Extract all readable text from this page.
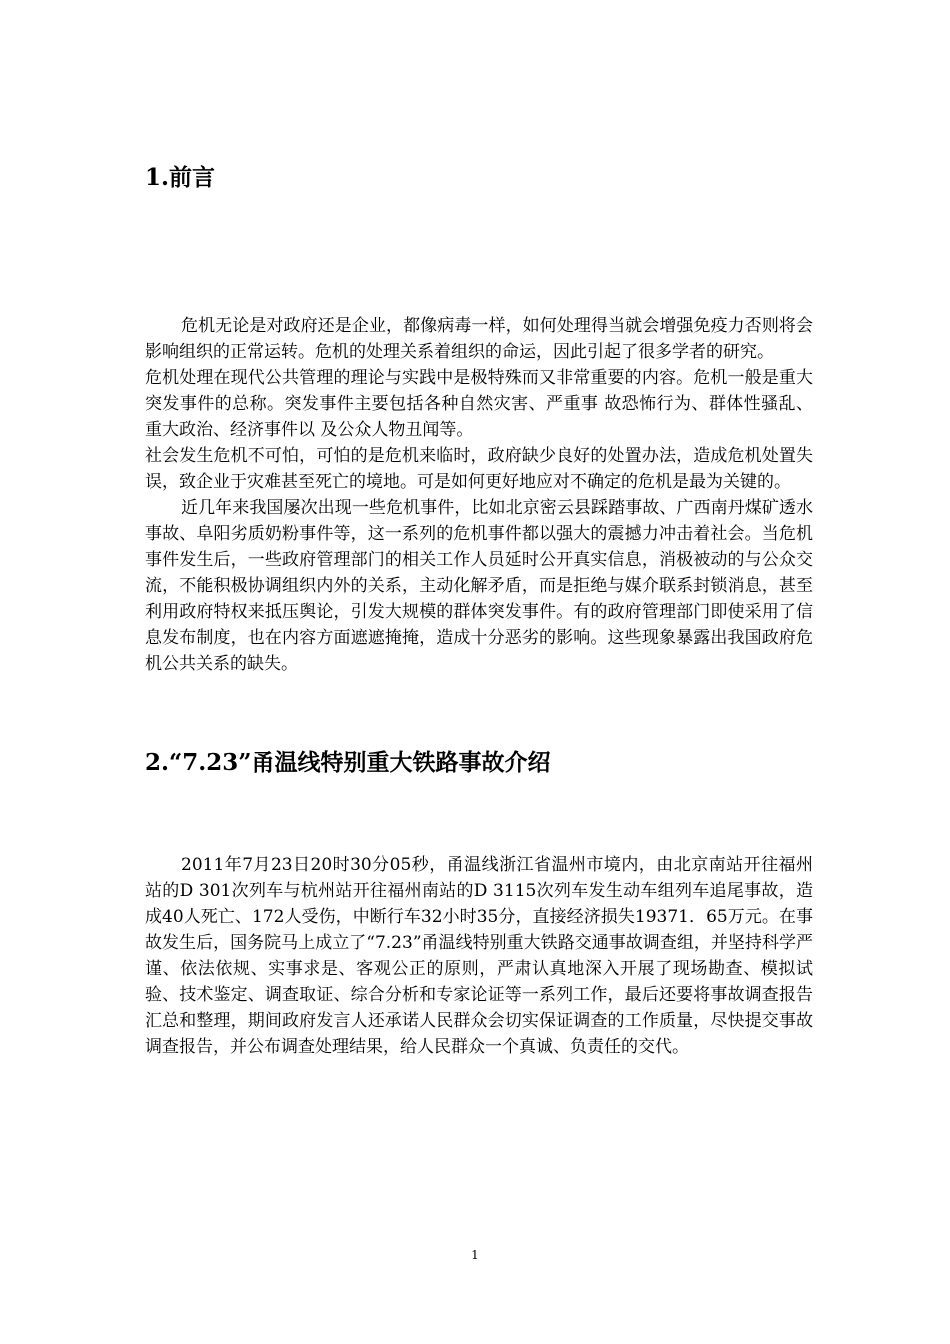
1.前言

危机无论是对政府还是企业，都像病毒一样，如何处理得当就会增强免疫力否则将会影响组织的正常运转。危机的处理关系着组织的命运，因此引起了很多学者的研究。

危机处理在现代公共管理的理论与实践中是极特殊而又非常重要的内容。危机一般是重大突发事件的总称。突发事件主要包括各种自然灾害、严重事 故恐怖行为、群体性骚乱、重大政治、经济事件以 及公众人物丑闻等。

社会发生危机不可怕，可怕的是危机来临时，政府缺少良好的处置办法，造成危机处置失误，致企业于灾难甚至死亡的境地。可是如何更好地应对不确定的危机是最为关键的。

近几年来我国屡次出现一些危机事件，比如北京密云县踩踏事故、广西南丹煤矿透水事故、阜阳劣质奶粉事件等，这一系列的危机事件都以强大的震撼力冲击着社会。当危机事件发生后，一些政府管理部门的相关工作人员延时公开真实信息，消极被动的与公众交流，不能积极协调组织内外的关系，主动化解矛盾，而是拒绝与媒介联系封锁消息，甚至利用政府特权来抵压舆论，引发大规模的群体突发事件。有的政府管理部门即使采用了信息发布制度，也在内容方面遮遮掩掩，造成十分恶劣的影响。这些现象暴露出我国政府危机公共关系的缺失。

2.“7.23”甬温线特别重大铁路事故介绍

2011年7月23日20时30分05秒，甬温线浙江省温州市境内，由北京南站开往福州站的D 301次列车与杭州站开往福州南站的D 3115次列车发生动车组列车追尾事故，造成40人死亡、172人受伤，中断行车32小时35分，直接经济损失19371．65万元。在事故发生后，国务院马上成立了“7.23”甬温线特别重大铁路交通事故调查组，并坚持科学严谨、依法依规、实事求是、客观公正的原则，严肃认真地深入开展了现场勘查、模拟试验、技术鉴定、调查取证、综合分析和专家论证等一系列工作，最后还要将事故调查报告汇总和整理，期间政府发言人还承诺人民群众会切实保证调查的工作质量，尽快提交事故调查报告，并公布调查处理结果，给人民群众一个真诚、负责任的交代。

1
